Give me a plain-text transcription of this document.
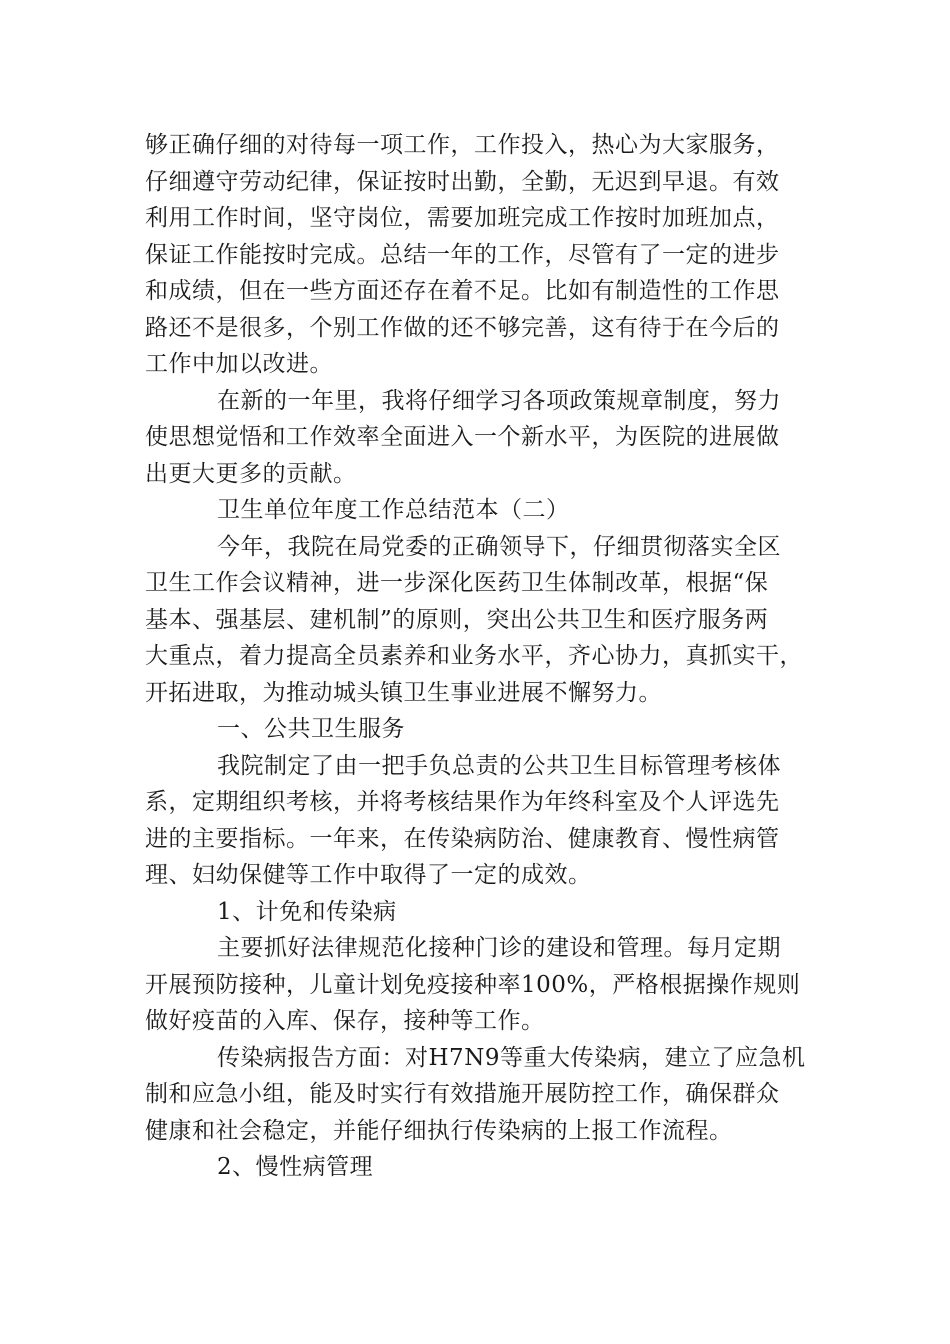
够正确仔细的对待每一项工作，工作投入，热心为大家服务，
仔细遵守劳动纪律，保证按时出勤，全勤，无迟到早退。有效
利用工作时间，坚守岗位，需要加班完成工作按时加班加点，
保证工作能按时完成。总结一年的工作，尽管有了一定的进步
和成绩，但在一些方面还存在着不足。比如有制造性的工作思
路还不是很多，个别工作做的还不够完善，这有待于在今后的
工作中加以改进。
在新的一年里，我将仔细学习各项政策规章制度，努力
使思想觉悟和工作效率全面进入一个新水平，为医院的进展做
出更大更多的贡献。
卫生单位年度工作总结范本（二）
今年，我院在局党委的正确领导下，仔细贯彻落实全区
卫生工作会议精神，进一步深化医药卫生体制改革，根据“保
基本、强基层、建机制”的原则，突出公共卫生和医疗服务两
大重点，着力提高全员素养和业务水平，齐心协力，真抓实干，
开拓进取，为推动城头镇卫生事业进展不懈努力。
一、公共卫生服务
我院制定了由一把手负总责的公共卫生目标管理考核体
系，定期组织考核，并将考核结果作为年终科室及个人评选先
进的主要指标。一年来，在传染病防治、健康教育、慢性病管
理、妇幼保健等工作中取得了一定的成效。
1、计免和传染病
主要抓好法律规范化接种门诊的建设和管理。每月定期
开展预防接种，儿童计划免疫接种率100%，严格根据操作规则
做好疫苗的入库、保存，接种等工作。
传染病报告方面：对H7N9等重大传染病，建立了应急机
制和应急小组，能及时实行有效措施开展防控工作，确保群众
健康和社会稳定，并能仔细执行传染病的上报工作流程。
2、慢性病管理
